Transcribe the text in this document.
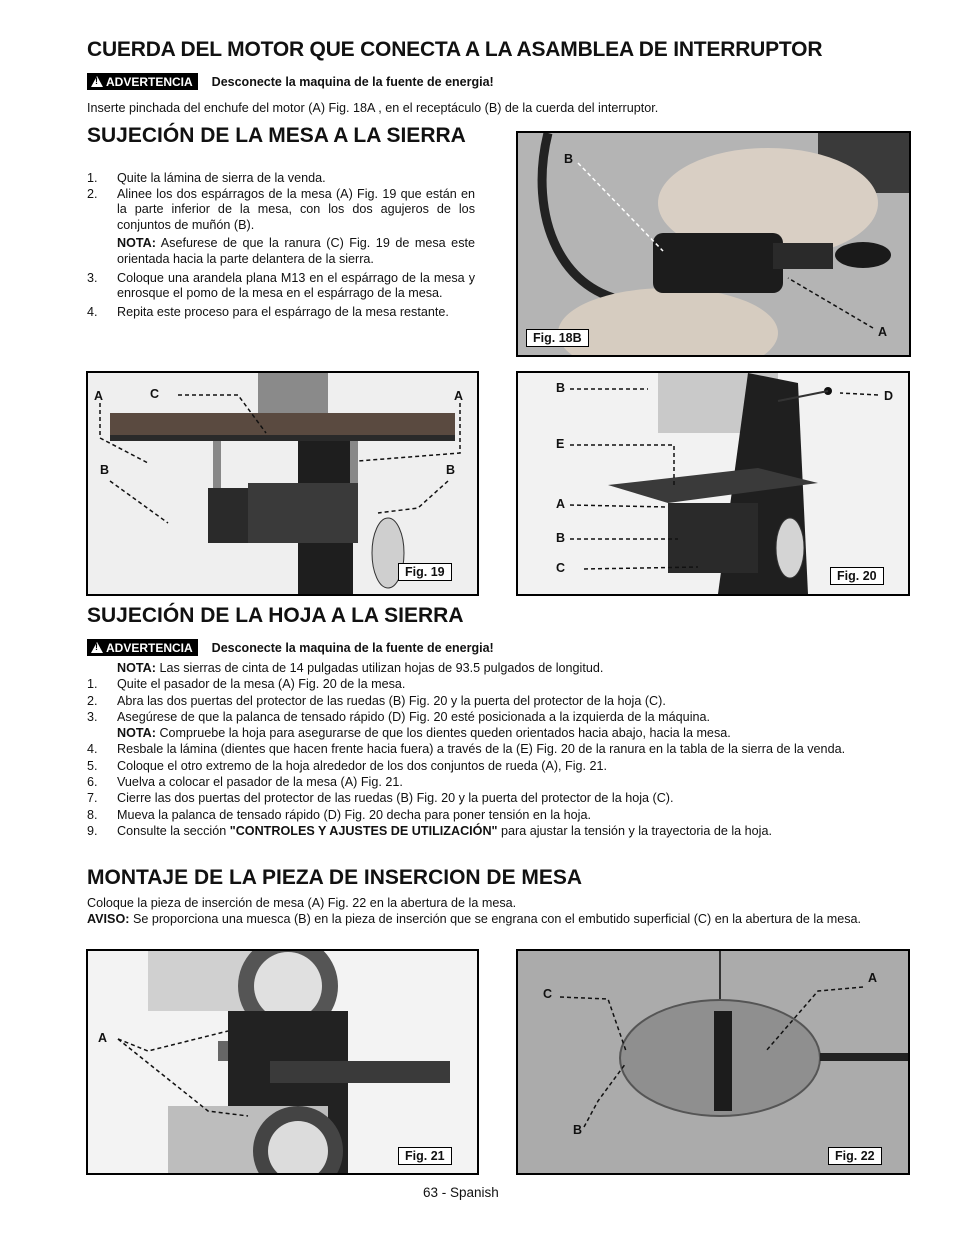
CUERDA DEL MOTOR QUE CONECTA A LA ASAMBLEA DE INTERRUPTOR
!
ADVERTENCIA Desconecte la maquina de la fuente de energia!
Inserte pinchada del enchufe del motor (A) Fig. 18A , en el receptáculo (B) de la cuerda del interruptor.
SUJECIÓN DE LA MESA A LA SIERRA
1. Quite la lámina de sierra de la venda.
2. Alinee los dos espárragos de la mesa (A) Fig. 19 que están en la parte inferior de la mesa, con los dos agujeros de los conjuntos de muñón (B).
NOTA: Asefurese de que la ranura (C) Fig. 19 de mesa este orientada hacia la parte delantera de la sierra.
3. Coloque una arandela plana M13 en el espárrago de la mesa y enrosque el pomo de la mesa en el espárrago de la mesa.
4. Repita este proceso para el espárrago de la mesa restante.
B
A
Fig. 18B
A	C	A
B	B
Fig. 19
B
D
E
A
B
C
Fig. 20
SUJECIÓN DE LA HOJA A LA SIERRA
!
ADVERTENCIA Desconecte la maquina de la fuente de energia!
NOTA: Las sierras de cinta de 14 pulgadas utilizan hojas de 93.5 pulgados de longitud.
1. Quite el pasador de la mesa (A) Fig. 20 de la mesa.
2. Abra las dos puertas del protector de las ruedas (B) Fig. 20 y la puerta del protector de la hoja (C).
3. Asegúrese de que la palanca de tensado rápido (D) Fig. 20 esté posicionada a la izquierda de la máquina.
NOTA: Compruebe la hoja para asegurarse de que los dientes queden orientados hacia abajo, hacia la mesa.
4. Resbale la lámina (dientes que hacen frente hacia fuera) a través de la (E) Fig. 20 de la ranura en la tabla de la sierra de la venda.
5. Coloque el otro extremo de la hoja alrededor de los dos conjuntos de rueda (A), Fig. 21.
6. Vuelva a colocar el pasador de la mesa (A) Fig. 21.
7. Cierre las dos puertas del protector de las ruedas (B) Fig. 20 y la puerta del protector de la hoja (C).
8. Mueva la palanca de tensado rápido (D) Fig. 20 decha para poner tensión en la hoja.
9. Consulte la sección "CONTROLES Y AJUSTES DE UTILIZACIÓN" para ajustar la tensión y la trayectoria de la hoja.
MONTAJE DE LA PIEZA DE INSERCION DE MESA
Coloque la pieza de inserción de mesa (A) Fig. 22 en la abertura de la mesa.
AVISO: Se proporciona una muesca (B) en la pieza de inserción que se engrana con el embutido superficial (C) en la abertura de la mesa.
A
Fig. 21
A
C
B
Fig. 22
63 - Spanish
